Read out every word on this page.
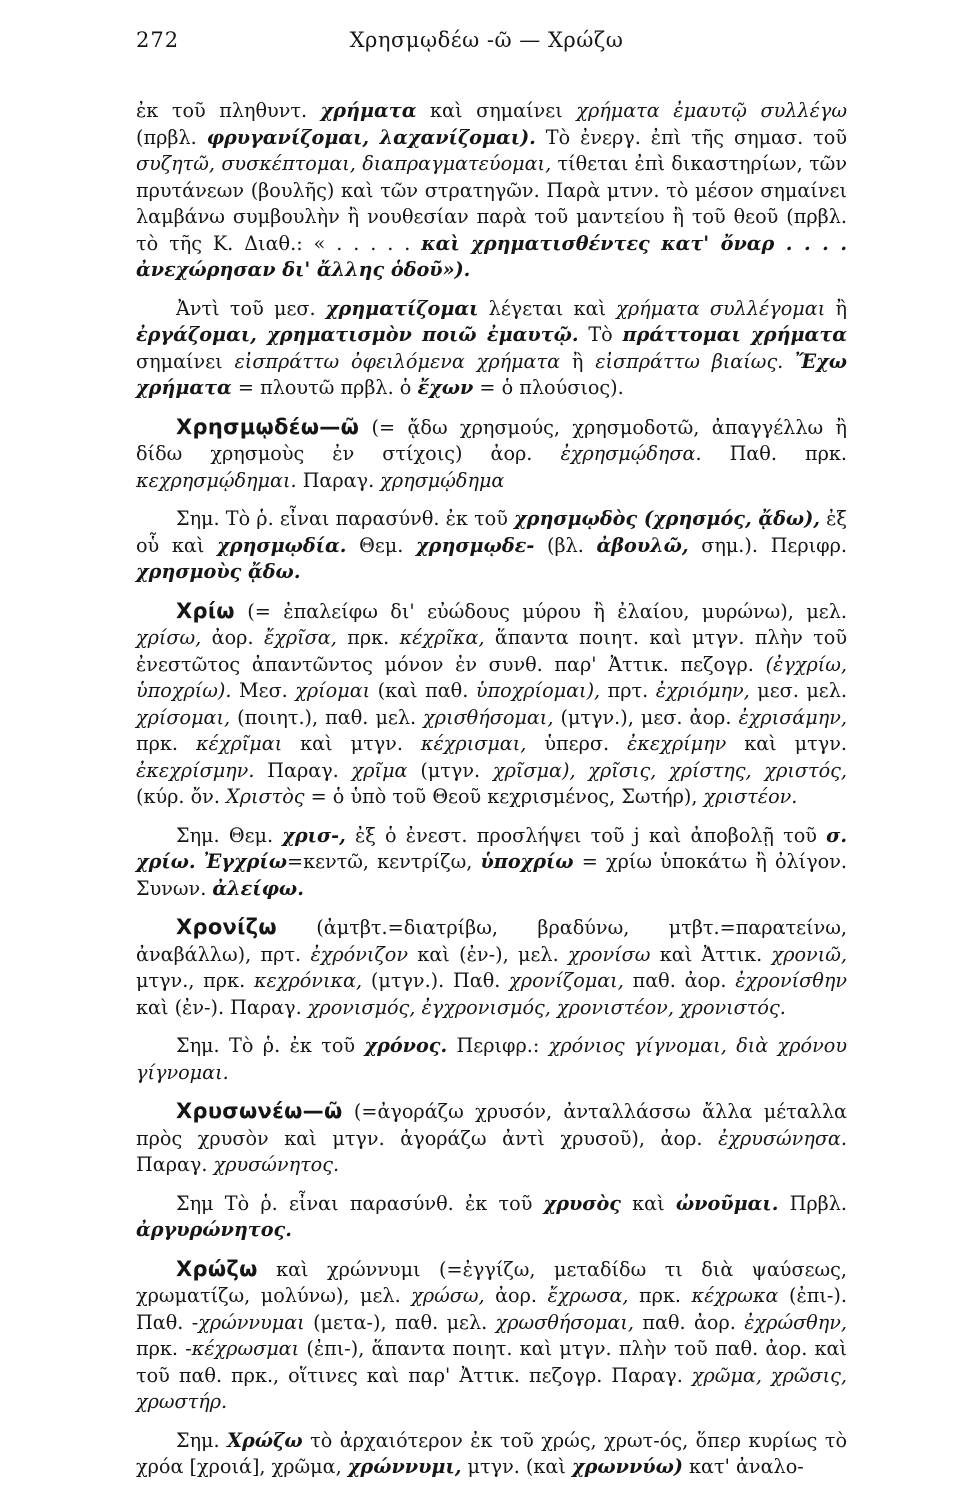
272	Χρησμῳδέω -ῶ — Χρώζω

ἐκ τοῦ πληθυντ. χρήματα καὶ σημαίνει χρήματα ἐμαυτῷ συλλέγω (πρβλ. φρυγανίζομαι, λαχανίζομαι). Τὸ ἐνεργ. ἐπὶ τῆς σημασ. τοῦ συζητῶ, συσκέπτομαι, διαπραγματεύομαι, τίθεται ἐπὶ δικαστηρίων, τῶν πρυτάνεων (βουλῆς) καὶ τῶν στρατηγῶν. Παρὰ μτνν. τὸ μέσον σημαίνει λαμβάνω συμβουλὴν ἢ νουθεσίαν παρὰ τοῦ μαντείου ἢ τοῦ θεοῦ (πρβλ. τὸ τῆς Κ. Διαθ.: « . . . . . καὶ χρηματισθέντες κατ' ὄναρ . . . . ἀνεχώρησαν δι' ἄλλης ὁδοῦ»).

Ἀντὶ τοῦ μεσ. χρηματίζομαι λέγεται καὶ χρήματα συλλέγομαι ἢ ἐργάζομαι, χρηματισμὸν ποιῶ ἐμαυτῷ. Τὸ πράττομαι χρήματα σημαίνει εἰσπράττω ὀφειλόμενα χρήματα ἢ εἰσπράττω βιαίως. Ἔχω χρήματα = πλουτῶ πρβλ. ὁ ἔχων = ὁ πλούσιος).

Χρησμῳδέω—ῶ (= ᾄδω χρησμούς, χρησμοδοτῶ, ἀπαγγέλλω ἢ δίδω χρησμοὺς ἐν στίχοις) ἀορ. ἐχρησμῴδησα. Παθ. πρκ. κεχρησμῴδημαι. Παραγ. χρησμῴδημα

Σημ. Τὸ ῥ. εἶναι παρασύνθ. ἐκ τοῦ χρησμῳδὸς (χρησμός, ᾄδω), ἐξ οὗ καὶ χρησμῳδία. Θεμ. χρησμῳδε- (βλ. ἀβουλῶ, σημ.). Περιφρ. χρησμοὺς ᾄδω.

Χρίω (= ἐπαλείφω δι' εὐώδους μύρου ἢ ἐλαίου, μυρώνω), μελ. χρίσω, ἀορ. ἔχρῖσα, πρκ. κέχρῖκα, ἅπαντα ποιητ. καὶ μτγν. πλὴν τοῦ ἐνεστῶτος ἀπαντῶντος μόνον ἐν συνθ. παρ' Ἀττικ. πεζογρ. (ἐγχρίω, ὑποχρίω). Μεσ. χρίομαι (καὶ παθ. ὑποχρίομαι), πρτ. ἐχριόμην, μεσ. μελ. χρίσομαι, (ποιητ.), παθ. μελ. χρισθήσομαι, (μτγν.), μεσ. ἀορ. ἐχρισάμην, πρκ. κέχρῖμαι καὶ μτγν. κέχρισμαι, ὑπερσ. ἐκεχρίμην καὶ μτγν. ἐκεχρίσμην. Παραγ. χρῖμα (μτγν. χρῖσμα), χρῖσις, χρίστης, χριστός, (κύρ. ὄν. Χριστὸς = ὁ ὑπὸ τοῦ Θεοῦ κεχρισμένος, Σωτήρ), χριστέον.

Σημ. Θεμ. χρισ-, ἐξ ὁ ἐνεστ. προσλήψει τοῦ j καὶ ἀποβολῇ τοῦ σ. χρίω. Ἐγχρίω=κεντῶ, κεντρίζω, ὑποχρίω = χρίω ὑποκάτω ἢ ὀλίγον. Συνων. ἀλείφω.

Χρονίζω (ἀμτβτ.=διατρίβω, βραδύνω, μτβτ.=παρατείνω, ἀναβάλλω), πρτ. ἐχρόνιζον καὶ (ἐν-), μελ. χρονίσω καὶ Ἀττικ. χρονιῶ, μτγν., πρκ. κεχρόνικα, (μτγν.). Παθ. χρονίζομαι, παθ. ἀορ. ἐχρονίσθην καὶ (ἐν-). Παραγ. χρονισμός, ἐγχρονισμός, χρονιστέον, χρονιστός.

Σημ. Τὸ ῥ. ἐκ τοῦ χρόνος. Περιφρ.: χρόνιος γίγνομαι, διὰ χρόνου γίγνομαι.

Χρυσωνέω—ῶ (=ἀγοράζω χρυσόν, ἀνταλλάσσω ἄλλα μέταλλα πρὸς χρυσὸν καὶ μτγν. ἀγοράζω ἀντὶ χρυσοῦ), ἀορ. ἐχρυσώνησα. Παραγ. χρυσώνητος.

Σημ Τὸ ῥ. εἶναι παρασύνθ. ἐκ τοῦ χρυσὸς καὶ ὠνοῦμαι. Πρβλ. ἀργυρώνητος.

Χρώζω καὶ χρώννυμι (=ἐγγίζω, μεταδίδω τι διὰ ψαύσεως, χρωματίζω, μολύνω), μελ. χρώσω, ἀορ. ἔχρωσα, πρκ. κέχρωκα (ἐπι-). Παθ. -χρώννυμαι (μετα-), παθ. μελ. χρωσθήσομαι, παθ. ἀορ. ἐχρώσθην, πρκ. -κέχρωσμαι (ἐπι-), ἅπαντα ποιητ. καὶ μτγν. πλὴν τοῦ παθ. ἀορ. καὶ τοῦ παθ. πρκ., οἵτινες καὶ παρ' Ἀττικ. πεζογρ. Παραγ. χρῶμα, χρῶσις, χρωστήρ.

Σημ. Χρώζω τὸ ἀρχαιότερον ἐκ τοῦ χρώς, χρωτ-ός, ὅπερ κυρίως τὸ χρόα [χροιά], χρῶμα, χρώννυμι, μτγν. (καὶ χρωννύω) κατ' ἀναλο-
